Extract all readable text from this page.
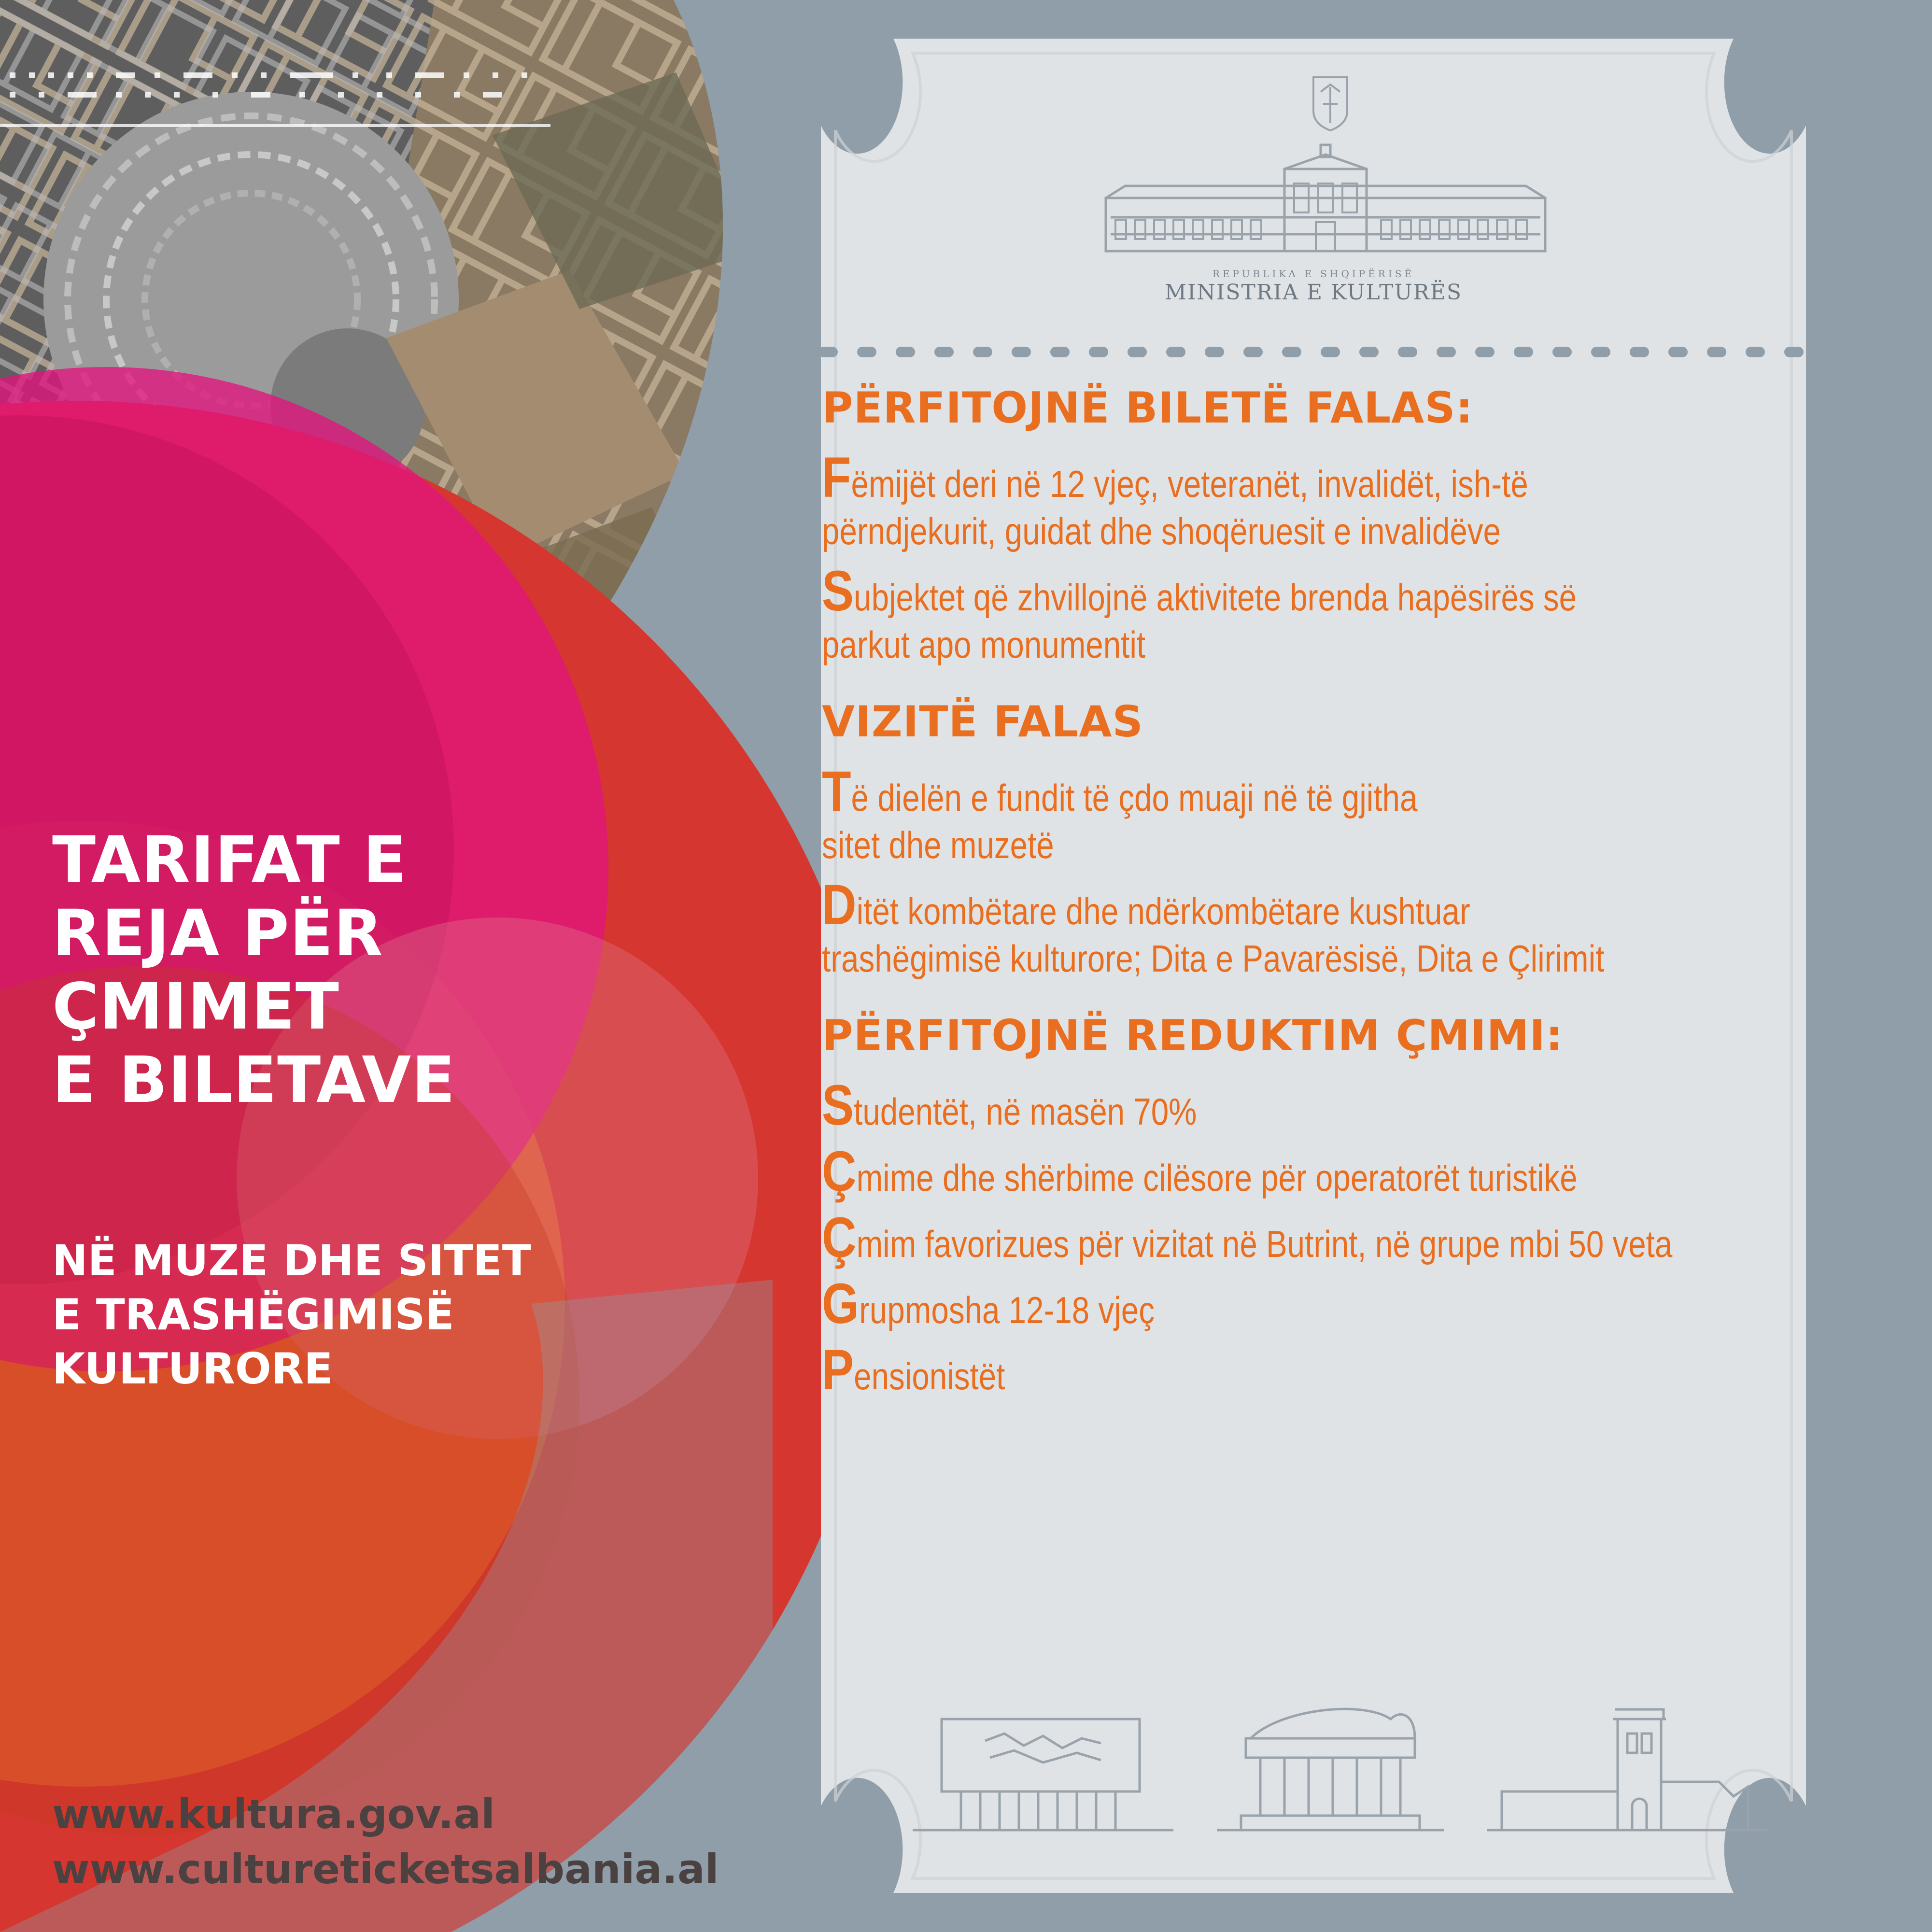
TARIFAT E
REJA PËR
ÇMIMET
E BILETAVE
NË MUZE DHE SITET
E TRASHËGIMISË
KULTURORE
www.kultura.gov.al
www.cultureticketsalbania.al
REPUBLIKA E SHQIPËRISË
MINISTRIA E KULTURËS
PËRFITOJNË BILETË FALAS:
Fëmijët deri në 12 vjeç, veteranët, invalidët, ish-të
përndjekurit, guidat dhe shoqëruesit e invalidëve
Subjektet që zhvillojnë aktivitete brenda hapësirës së
parkut apo monumentit
VIZITË FALAS
Të dielën e fundit të çdo muaji në të gjitha
sitet dhe muzetë
Ditët kombëtare dhe ndërkombëtare kushtuar
trashëgimisë kulturore; Dita e Pavarësisë, Dita e Çlirimit
PËRFITOJNË REDUKTIM ÇMIMI:
Studentët, në masën 70%
Çmime dhe shërbime cilësore për operatorët turistikë
Çmim favorizues për vizitat në Butrint, në grupe mbi 50 veta
Grupmosha 12-18 vjeç
Pensionistët
